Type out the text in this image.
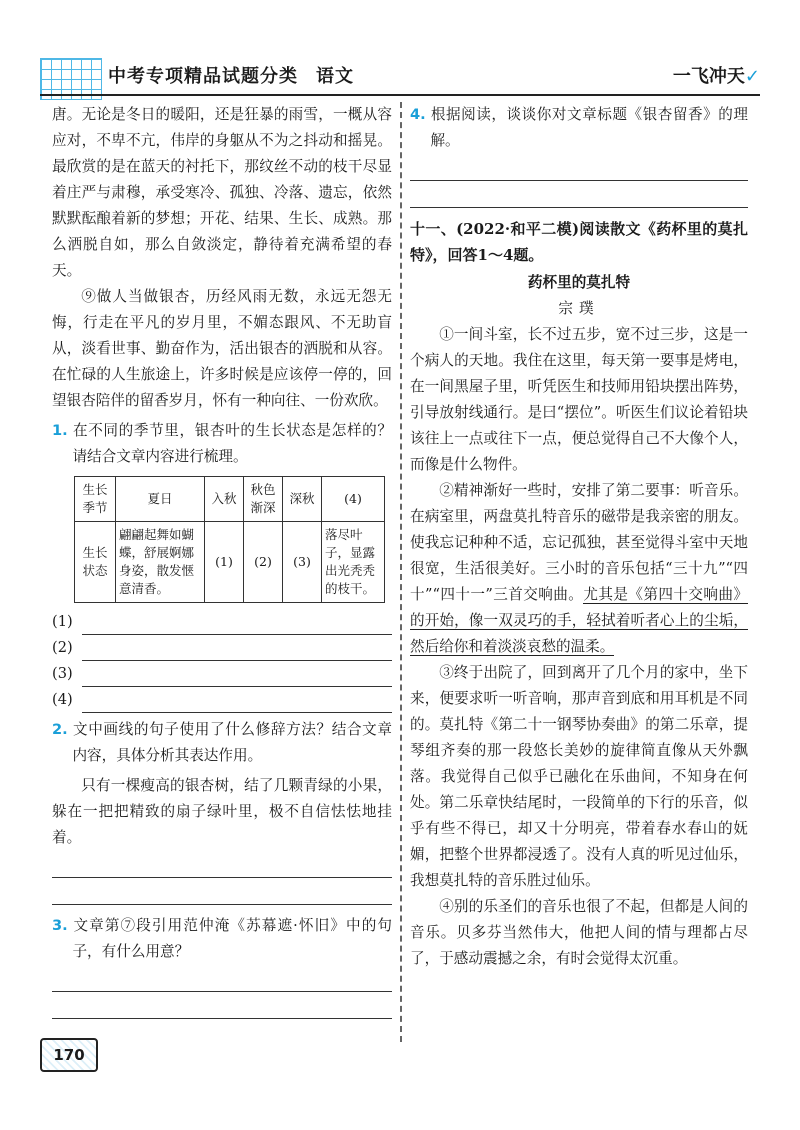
中考专项精品试题分类 语文	一飞冲天✓

唐。无论是冬日的暖阳，还是狂暴的雨雪，一概从容应对，不卑不亢，伟岸的身躯从不为之抖动和摇晃。最欣赏的是在蓝天的衬托下，那纹丝不动的枝干尽显着庄严与肃穆，承受寒冷、孤独、冷落、遗忘，依然默默酝酿着新的梦想；开花、结果、生长、成熟。那么洒脱自如，那么自敛淡定，静待着充满希望的春天。

⑨做人当做银杏，历经风雨无数，永远无怨无悔，行走在平凡的岁月里，不媚态跟风、不无助盲从，淡看世事、勤奋作为，活出银杏的洒脱和从容。在忙碌的人生旅途上，许多时候是应该停一停的，回望银杏陪伴的留香岁月，怀有一种向往、一份欢欣。

1. 在不同的季节里，银杏叶的生长状态是怎样的？请结合文章内容进行梳理。

生长季节	夏日	入秋	秋色渐深	深秋	(4)
生长状态	翩翩起舞如蝴蝶，舒展婀娜身姿，散发惬意清香。	(1)	(2)	(3)	落尽叶子，显露出光秃秃的枝干。
(1)
(2)
(3)
(4)

2. 文中画线的句子使用了什么修辞方法？结合文章内容，具体分析其表达作用。

只有一棵瘦高的银杏树，结了几颗青绿的小果，躲在一把把精致的扇子绿叶里，极不自信怯怯地挂着。

3. 文章第⑦段引用范仲淹《苏幕遮·怀旧》中的句子，有什么用意？

4. 根据阅读，谈谈你对文章标题《银杏留香》的理解。

十一、(2022·和平二模)阅读散文《药杯里的莫扎特》，回答1～4题。

药杯里的莫扎特

宗璞

①一间斗室，长不过五步，宽不过三步，这是一个病人的天地。我住在这里，每天第一要事是烤电，在一间黑屋子里，听凭医生和技师用铅块摆出阵势，引导放射线通行。是曰“摆位”。听医生们议论着铅块该往上一点或往下一点，便总觉得自己不大像个人，而像是什么物件。

②精神渐好一些时，安排了第二要事：听音乐。在病室里，两盘莫扎特音乐的磁带是我亲密的朋友。使我忘记种种不适，忘记孤独，甚至觉得斗室中天地很宽，生活很美好。三小时的音乐包括“三十九”“四十”“四十一”三首交响曲。尤其是《第四十交响曲》的开始，像一双灵巧的手，轻拭着听者心上的尘垢，然后给你和着淡淡哀愁的温柔。

③终于出院了，回到离开了几个月的家中，坐下来，便要求听一听音响，那声音到底和用耳机是不同的。莫扎特《第二十一钢琴协奏曲》的第二乐章，提琴组齐奏的那一段悠长美妙的旋律简直像从天外飘落。我觉得自己似乎已融化在乐曲间，不知身在何处。第二乐章快结尾时，一段简单的下行的乐音，似乎有些不得已，却又十分明亮，带着春水春山的妩媚，把整个世界都浸透了。没有人真的听见过仙乐，我想莫扎特的音乐胜过仙乐。

④别的乐圣们的音乐也很了不起，但都是人间的音乐。贝多芬当然伟大，他把人间的情与理都占尽了，于感动震撼之余，有时会觉得太沉重。

170
